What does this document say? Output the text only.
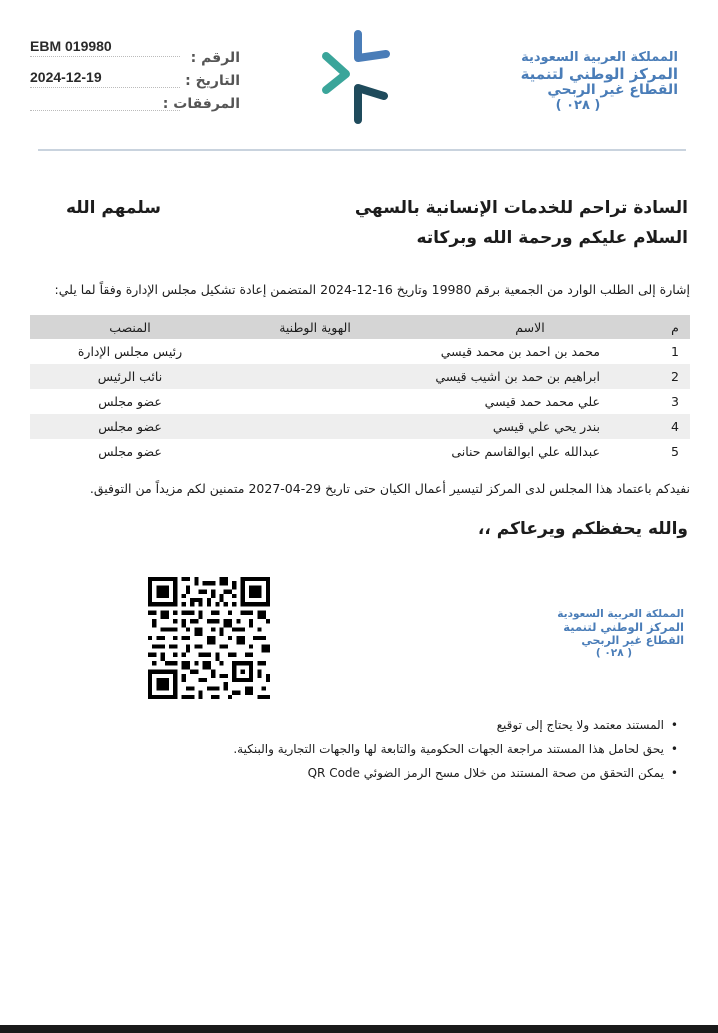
EBM 019980
الرقم :
2024-12-19	التاريخ :
المرفقات :
المملكة العربية السعودية
المركز الوطني لتنمية
القطاع غير الربحي
( ٠٢٨ )
السادة تراحم للخدمات الإنسانية بالسهي
سلمهم الله
السلام عليكم ورحمة الله وبركاته
إشارة إلى الطلب الوارد من الجمعية برقم 19980 وتاريخ 16-12-2024 المتضمن إعادة تشكيل مجلس الإدارة وفقاً لما يلي:
م	الاسم	الهوية الوطنية	المنصب
1	محمد بن احمد بن محمد قيسي		رئيس مجلس الإدارة
2	ابراهيم بن حمد بن اشيب قيسي		نائب الرئيس
3	علي محمد حمد قيسي		عضو مجلس
4	بندر يحي علي قيسي		عضو مجلس
5	عبدالله علي ابوالقاسم حنانى		عضو مجلس
نفيدكم باعتماد هذا المجلس لدى المركز لتيسير أعمال الكيان حتى تاريخ 29-04-2027 متمنين لكم مزيداً من التوفيق.
والله يحفظكم ويرعاكم ،،
المملكة العربية السعودية
المركز الوطني لتنمية
القطاع غير الربحي
( ٠٢٨ )
• المستند معتمد ولا يحتاج إلى توقيع
• يحق لحامل هذا المستند مراجعة الجهات الحكومية والتابعة لها والجهات التجارية والبنكية.
• يمكن التحقق من صحة المستند من خلال مسح الرمز الضوئي QR Code
